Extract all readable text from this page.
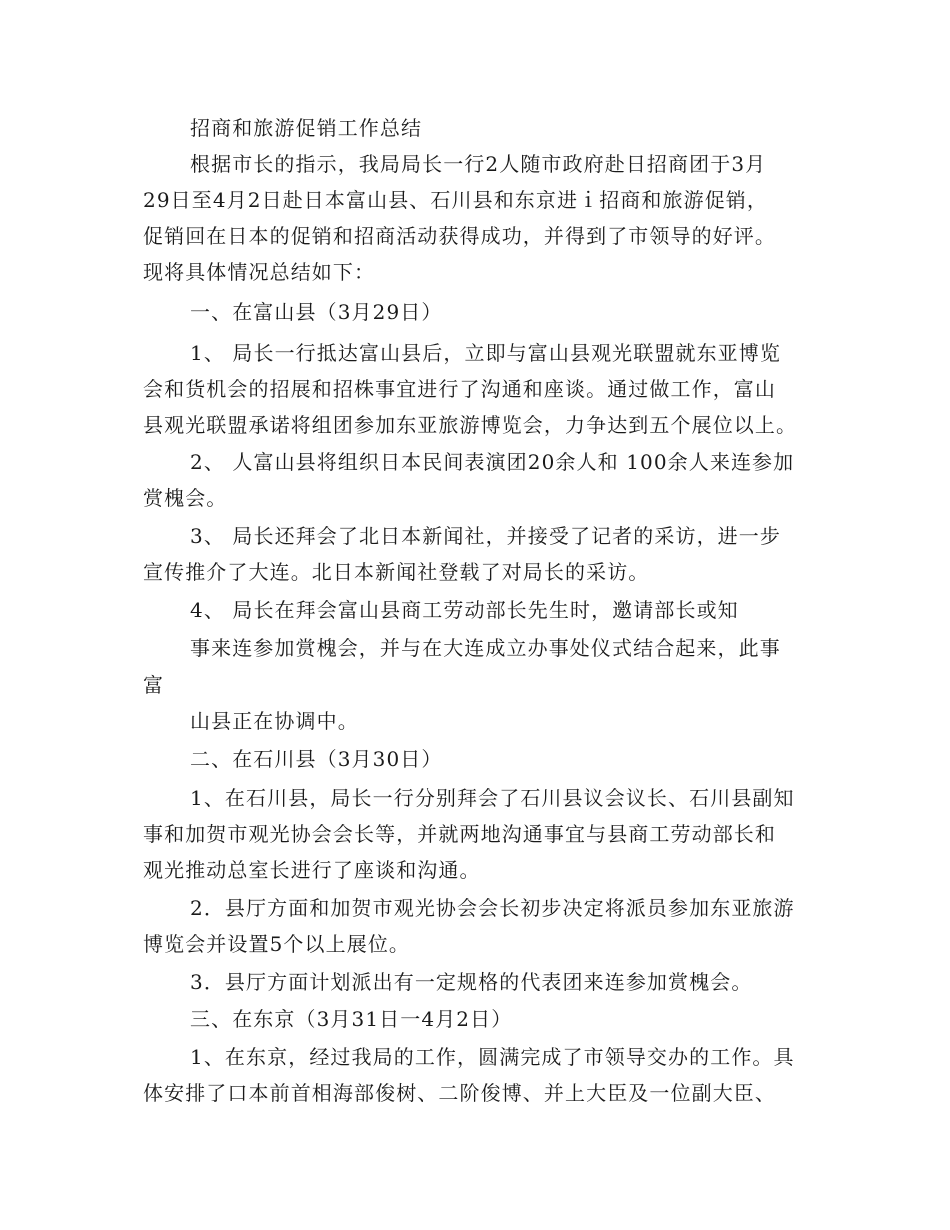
招商和旅游促销工作总结
根据市长的指示，我局局长一行2人随市政府赴日招商团于3月
29日至4月2日赴日本富山县、石川县和东京进ｉ招商和旅游促销，
促销回在日本的促销和招商活动获得成功，并得到了市领导的好评。
现将具体情况总结如下：
一、在富山县（3月29日）
1、 局长一行抵达富山县后，立即与富山县观光联盟就东亚博览
会和货机会的招展和招株事宜进行了沟通和座谈。通过做工作，富山
县观光联盟承诺将组团参加东亚旅游博览会，力争达到五个展位以上。
2、 人富山县将组织日本民间表演团20余人和 100余人来连参加
赏槐会。
3、 局长还拜会了北日本新闻社，并接受了记者的采访，进一步
宣传推介了大连。北日本新闻社登载了对局长的采访。
4、 局长在拜会富山县商工劳动部长先生时，邀请部长或知
事来连参加赏槐会，并与在大连成立办事处仪式结合起来，此事
富
山县正在协调中。
二、在石川县（3月30日）
1、在石川县，局长一行分别拜会了石川县议会议长、石川县副知
事和加贺市观光协会会长等，并就两地沟通事宜与县商工劳动部长和
观光推动总室长进行了座谈和沟通。
2．县厅方面和加贺市观光协会会长初步决定将派员参加东亚旅游
博览会并设置5个以上展位。
3．县厅方面计划派出有一定规格的代表团来连参加赏槐会。
三、在东京（3月31日一4月2日）
1、在东京，经过我局的工作，圆满完成了市领导交办的工作。具
体安排了口本前首相海部俊树、二阶俊博、并上大臣及一位副大臣、
